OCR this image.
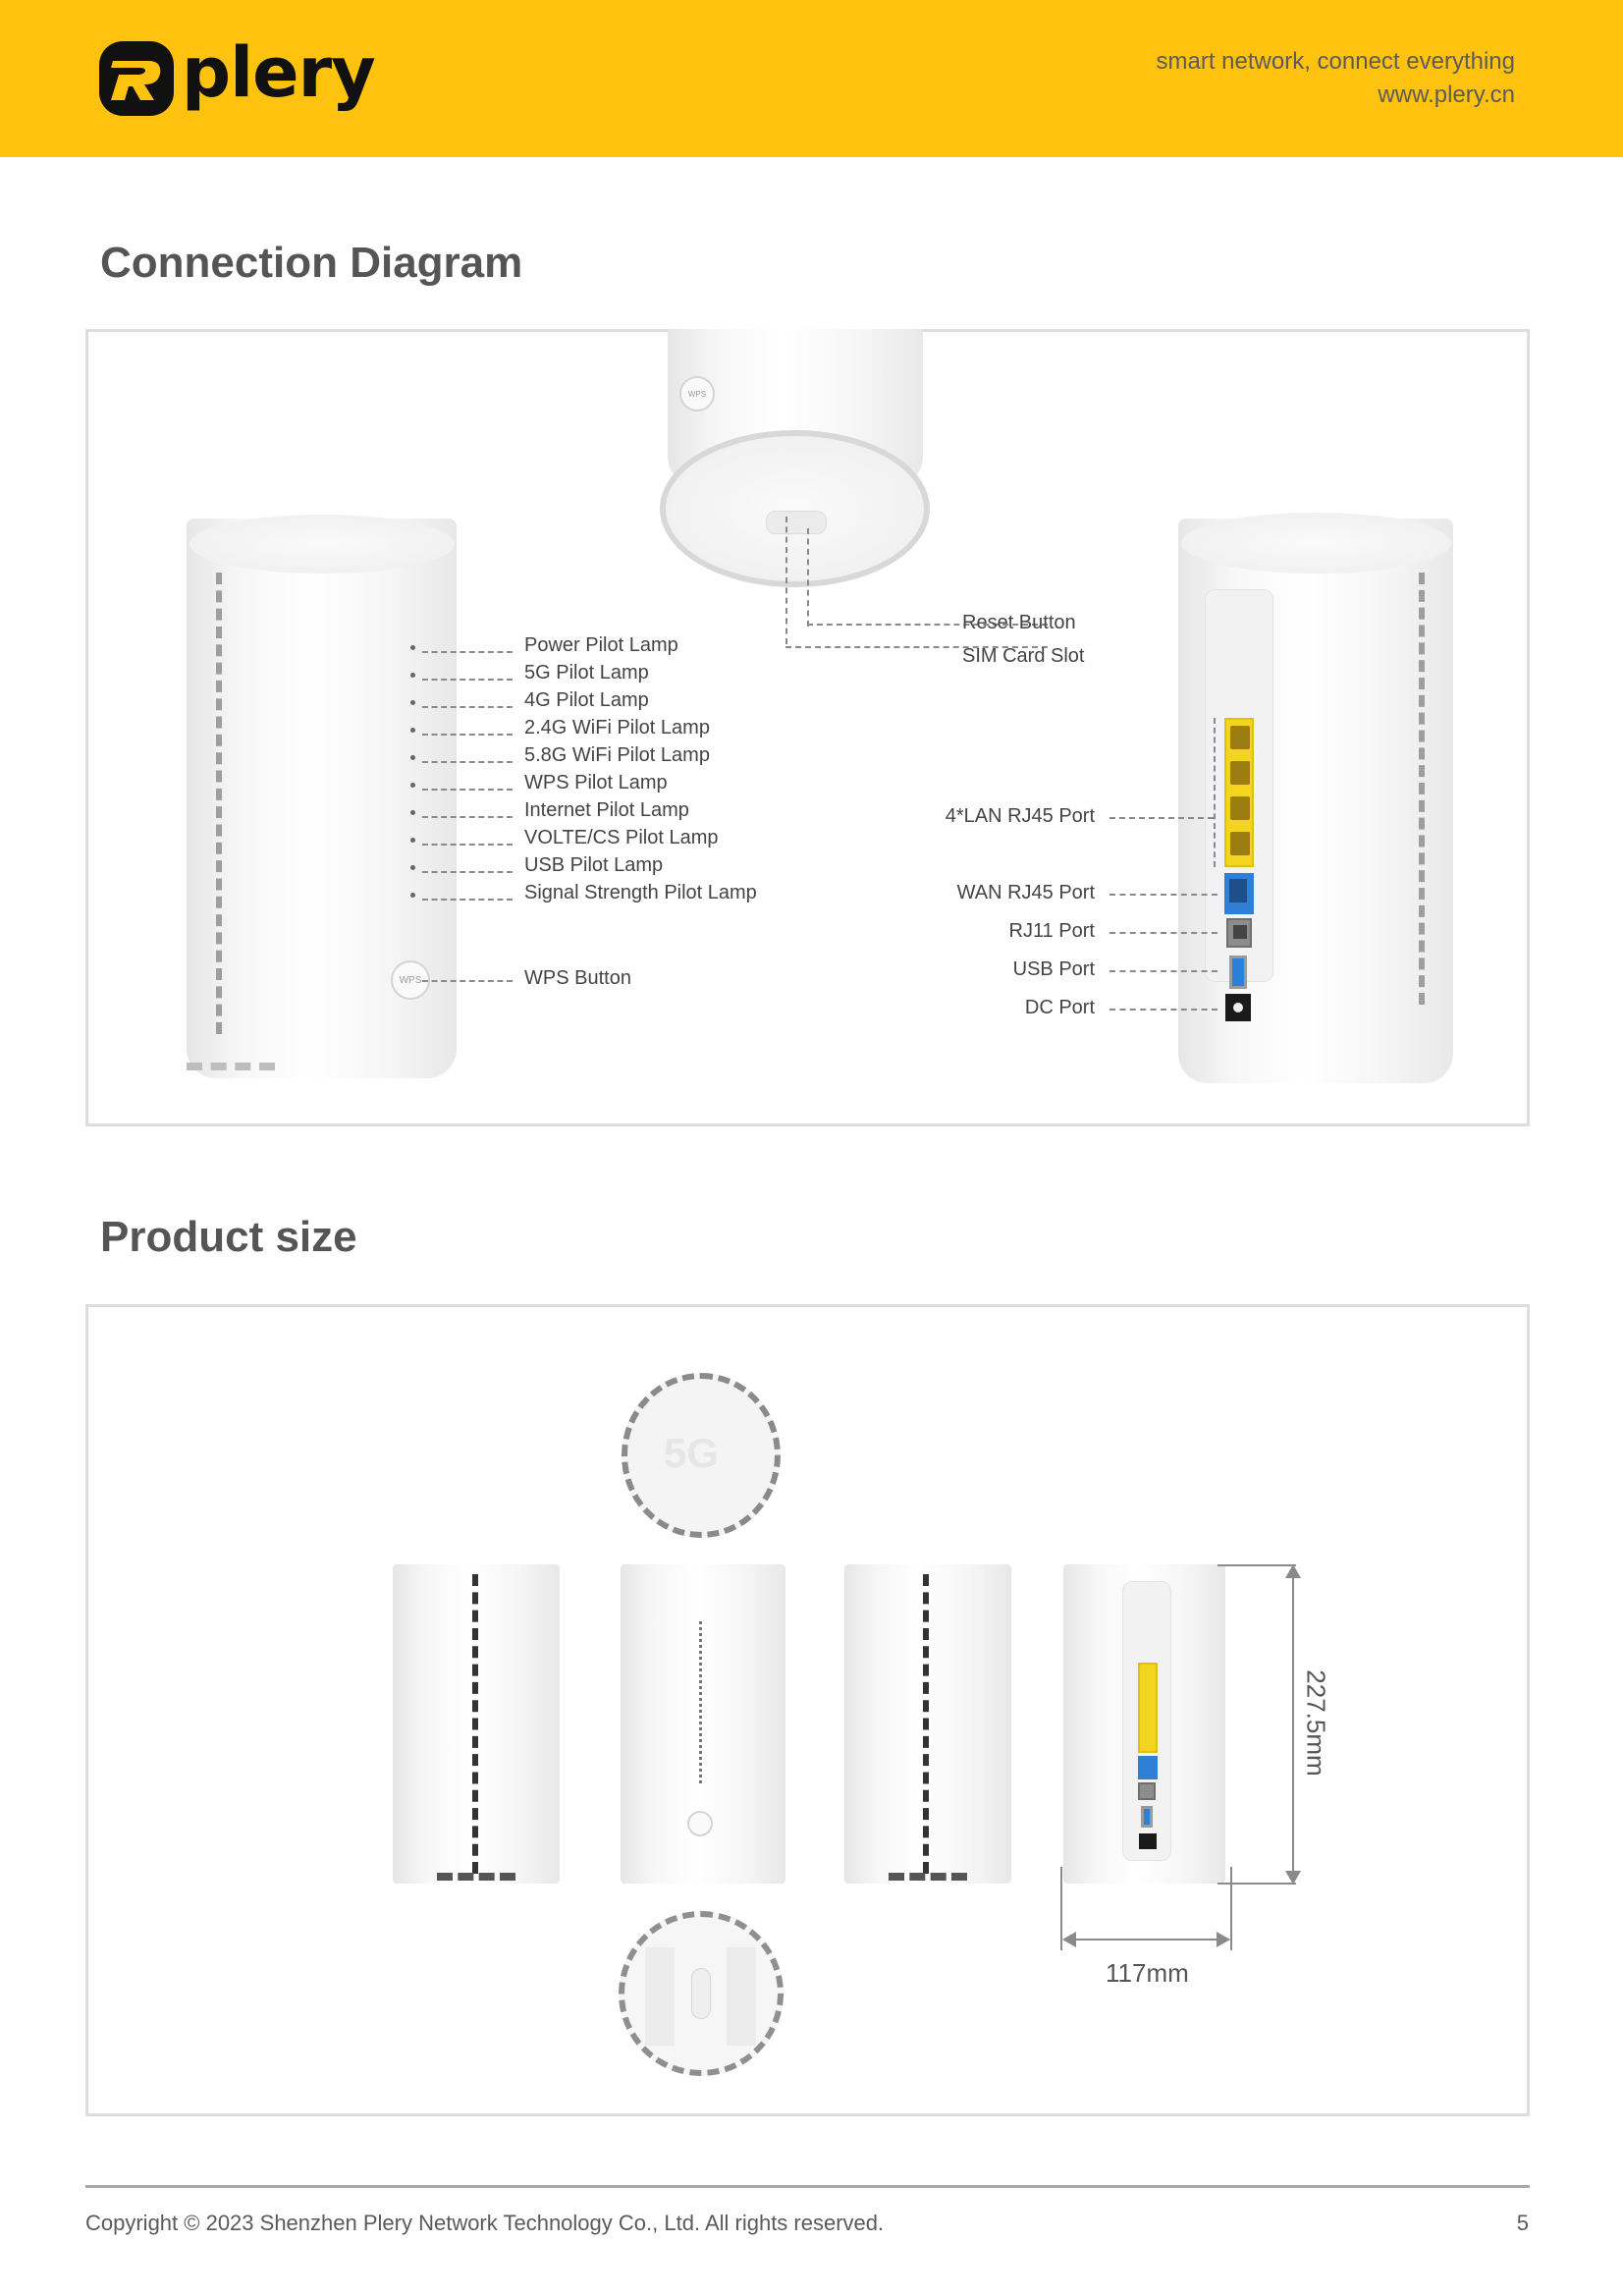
plery	smart network, connect everything
www.plery.cn
Connection Diagram
Power Pilot Lamp
5G Pilot Lamp
4G Pilot Lamp
2.4G WiFi Pilot Lamp
5.8G WiFi Pilot Lamp
WPS Pilot Lamp
Internet Pilot Lamp
VOLTE/CS Pilot Lamp
USB Pilot Lamp
Signal Strength Pilot Lamp
WPS	WPS Button
WPS
Reset Button
SIM Card Slot
4*LAN RJ45 Port
WAN RJ45 Port
RJ11 Port
USB Port
DC Port
Product size
5G
227.5mm
117mm
Copyright © 2023 Shenzhen Plery Network Technology Co., Ltd. All rights reserved.	5
